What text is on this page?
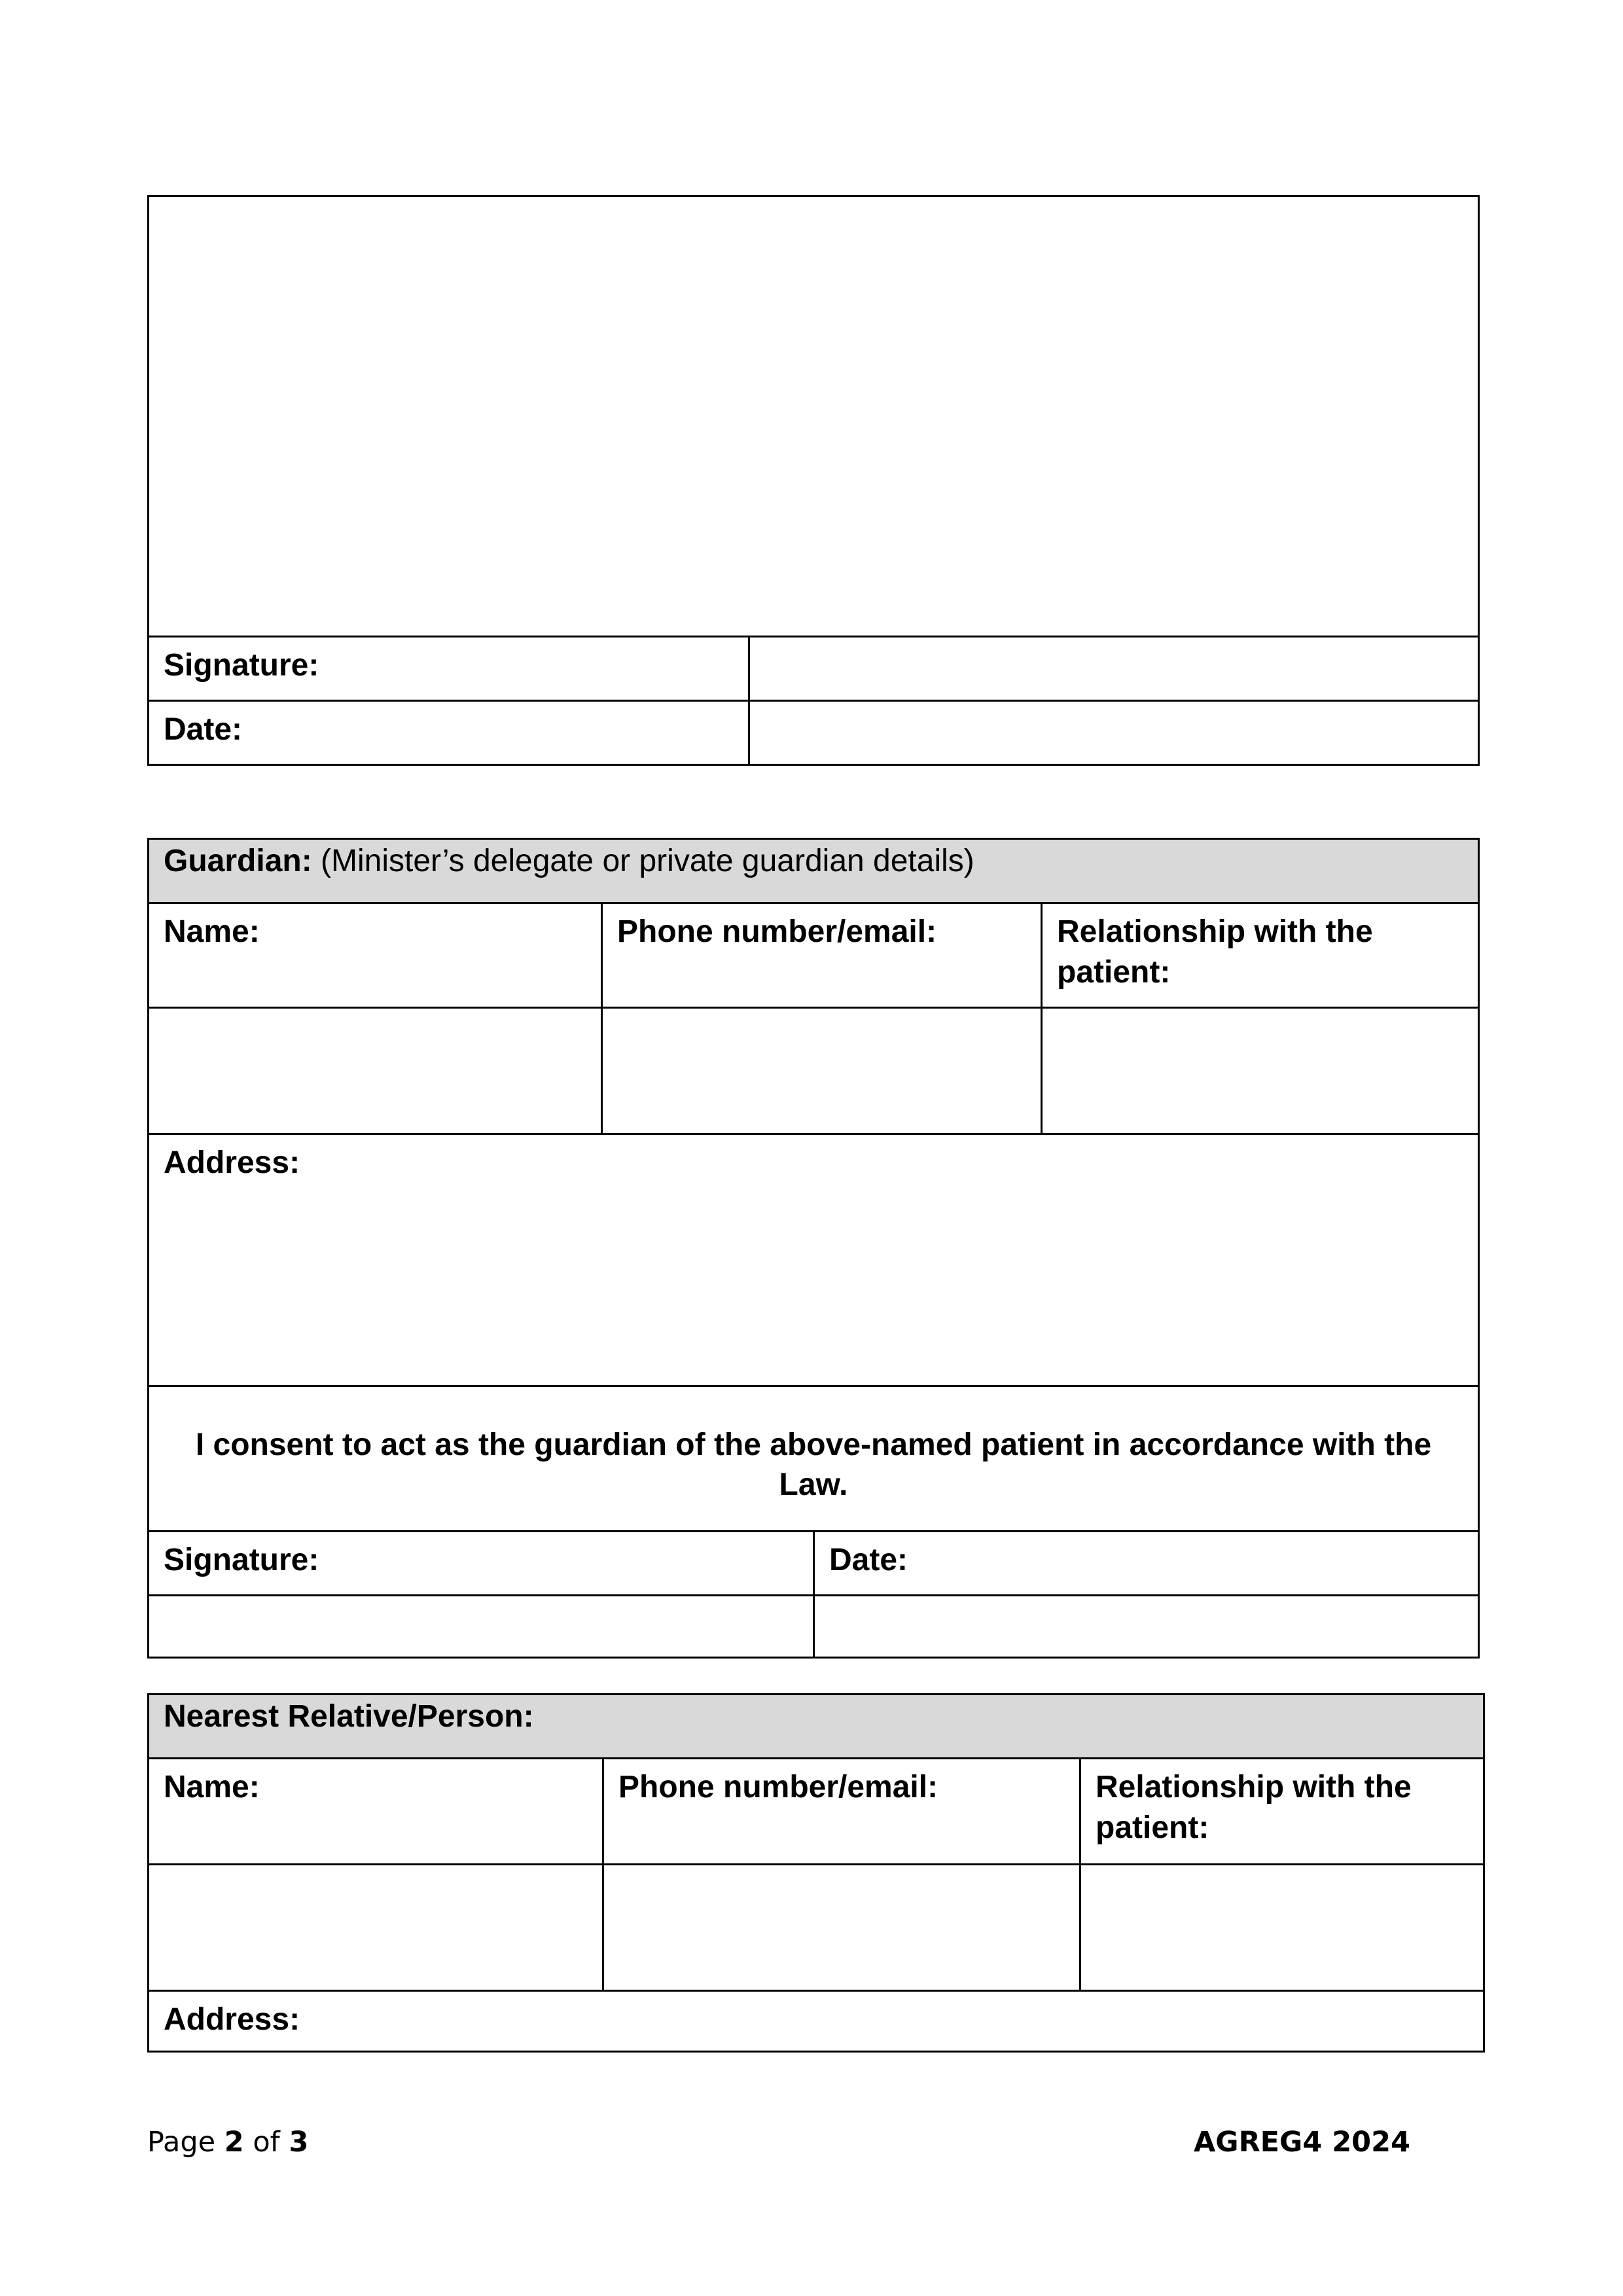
Signature:
Date:
Guardian: (Minister’s delegate or private guardian details)
Name:	Phone number/email:	Relationship with the
patient:
Address:
I consent to act as the guardian of the above-named patient in accordance with the
Law.
Signature:	Date:
Nearest Relative/Person:
Name:	Phone number/email:	Relationship with the
patient:
Address:
Page 2 of 3	AGREG4 2024
